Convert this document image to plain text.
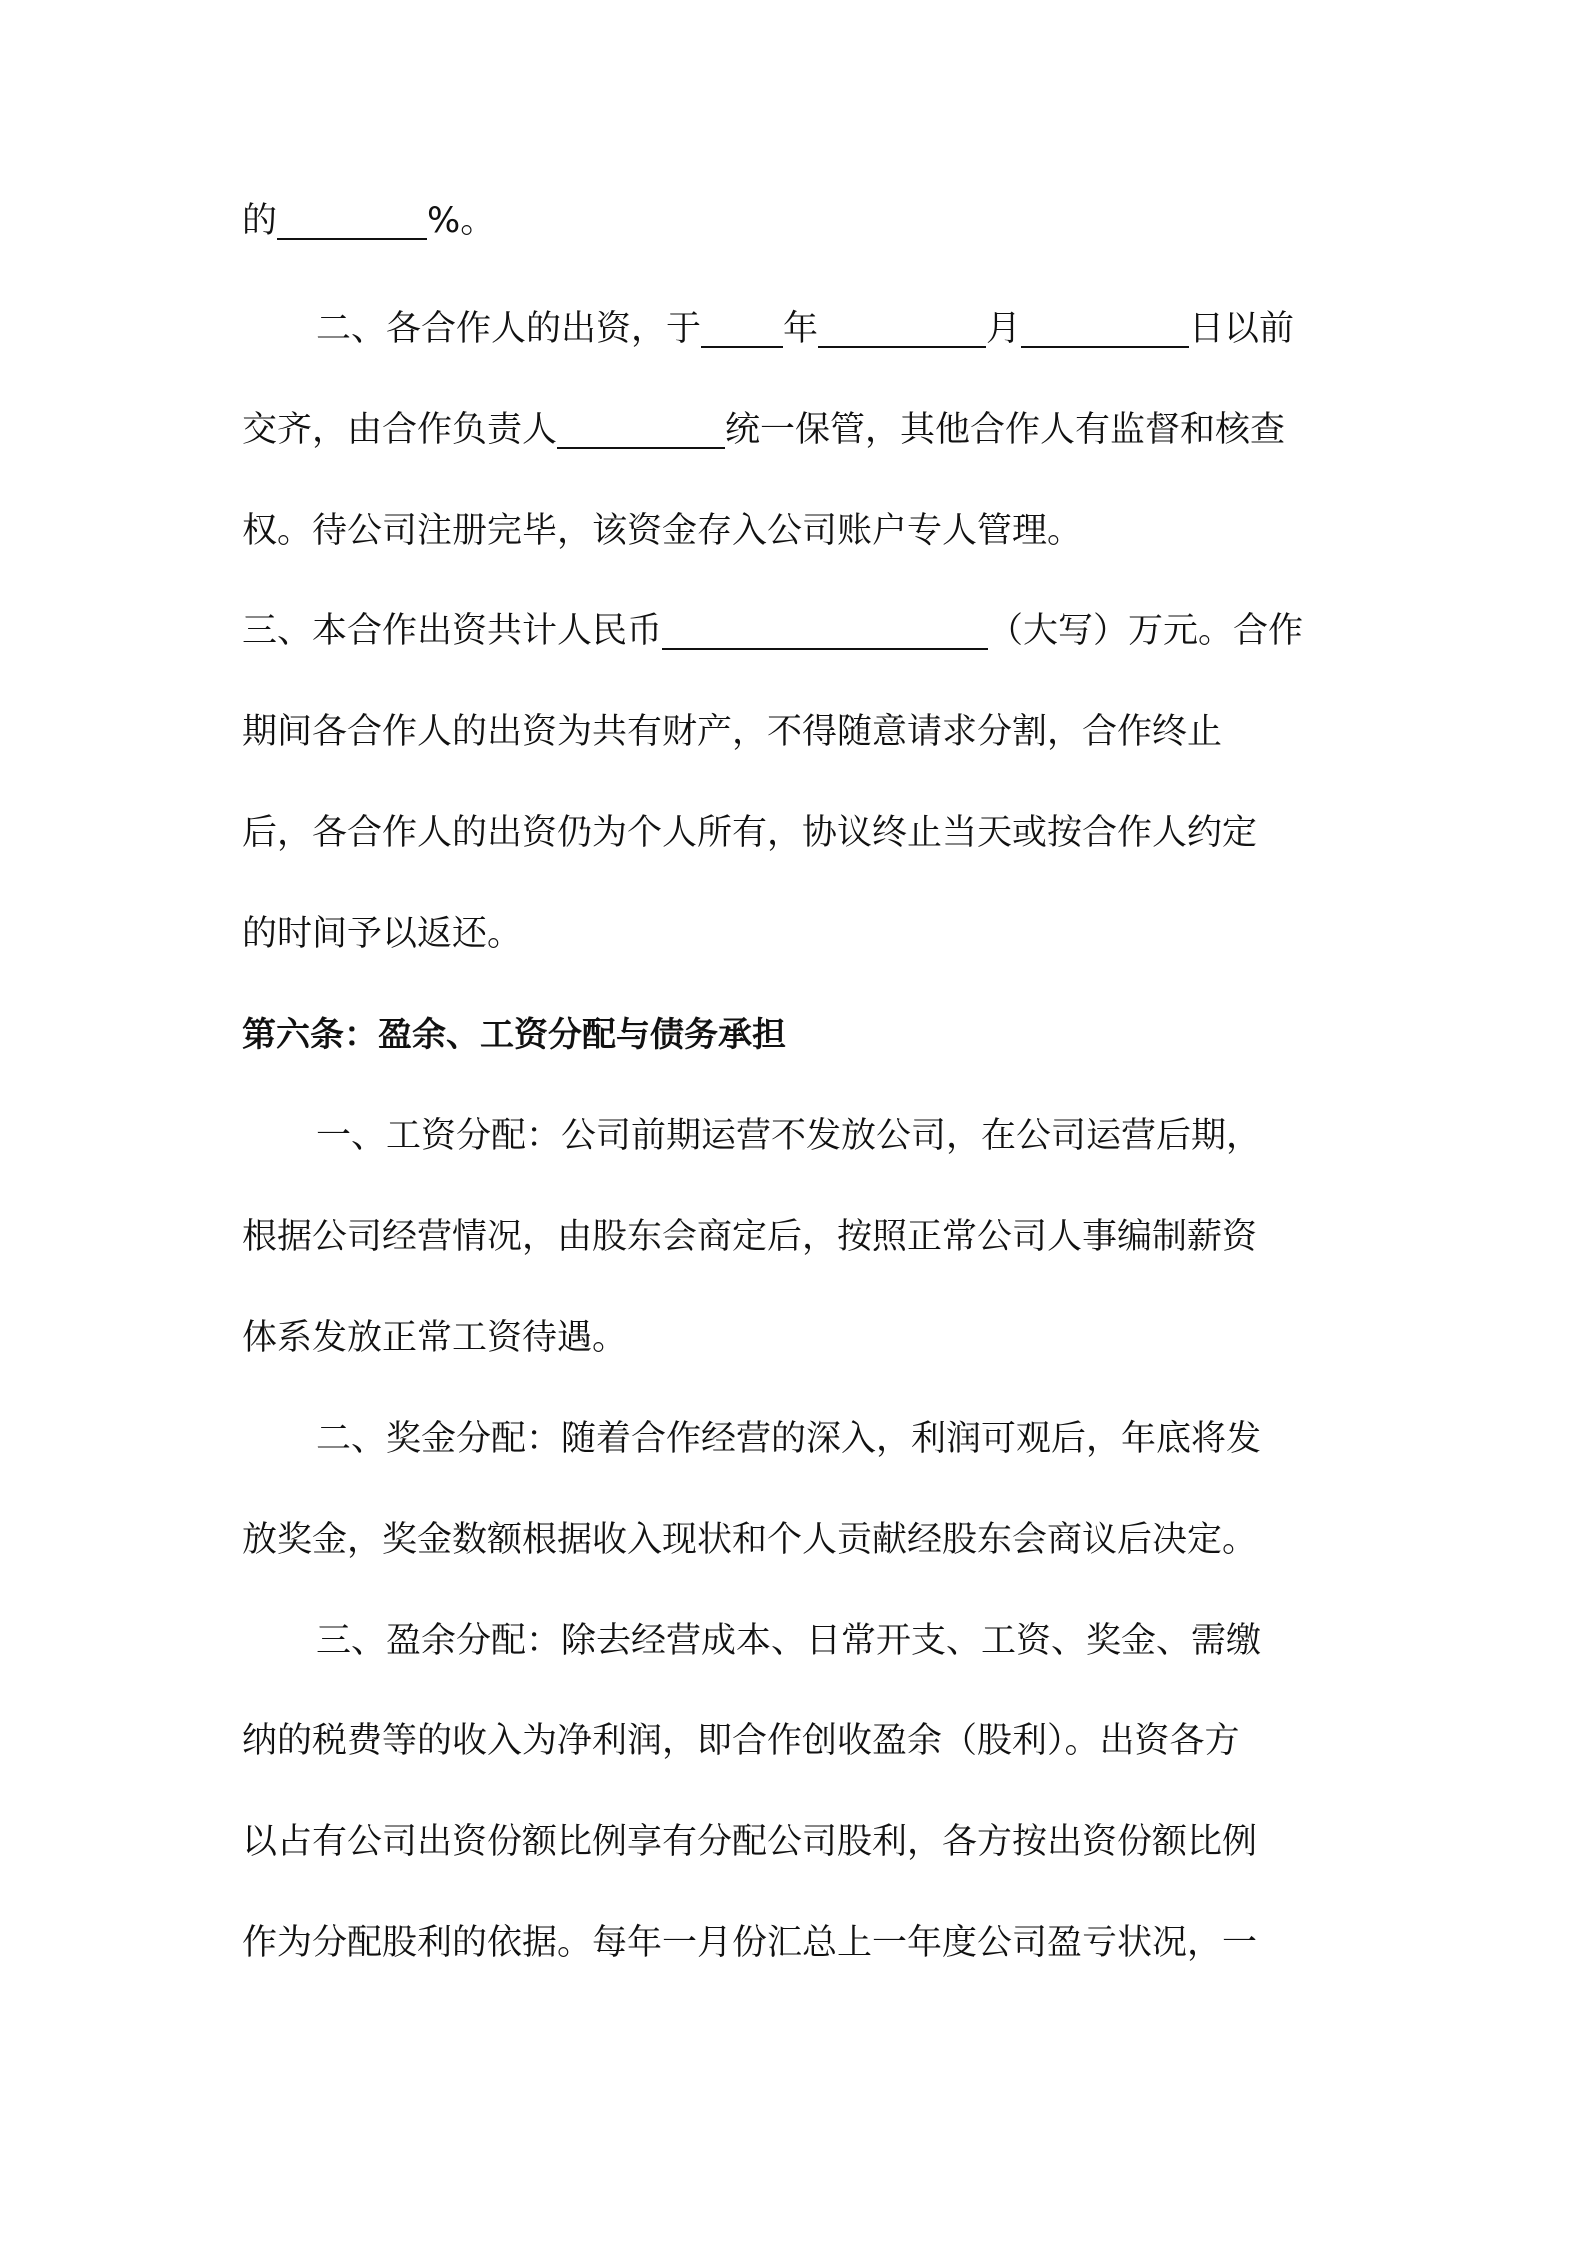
的	%。
二、各合作人的出资，于 年	月	日以前
交齐，由合作负责人	统一保管，其他合作人有监督和核查
权。待公司注册完毕，该资金存入公司账户专人管理。
三、本合作出资共计人民币	（大写）万元。合作
期间各合作人的出资为共有财产，不得随意请求分割，合作终止
后，各合作人的出资仍为个人所有，协议终止当天或按合作人约定
的时间予以返还。
第六条：盈余、工资分配与债务承担
一、工资分配：公司前期运营不发放公司，在公司运营后期，
根据公司经营情况，由股东会商定后，按照正常公司人事编制薪资
体系发放正常工资待遇。
二、奖金分配：随着合作经营的深入，利润可观后，年底将发
放奖金，奖金数额根据收入现状和个人贡献经股东会商议后决定。
三、盈余分配：除去经营成本、日常开支、工资、奖金、需缴
纳的税费等的收入为净利润，即合作创收盈余（股利）。出资各方
以占有公司出资份额比例享有分配公司股利，各方按出资份额比例
作为分配股利的依据。每年一月份汇总上一年度公司盈亏状况，一
